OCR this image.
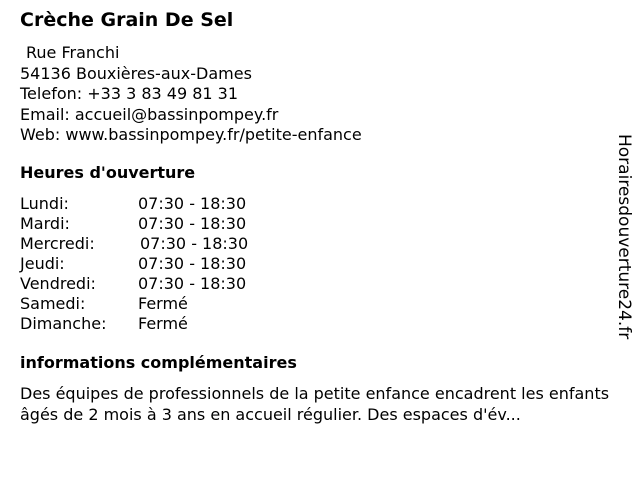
Crèche Grain De Sel
Rue Franchi
54136 Bouxières-aux-Dames
Telefon: +33 3 83 49 81 31
Email: accueil@bassinpompey.fr
Web: www.bassinpompey.fr/petite-enfance
Heures d'ouverture
Lundi:	07:30 - 18:30
Mardi:	07:30 - 18:30
Mercredi:	07:30 - 18:30
Jeudi:	07:30 - 18:30
Vendredi:	07:30 - 18:30
Samedi:	Fermé
Dimanche: Fermé
informations complémentaires

Des équipes de professionnels de la petite enfance encadrent les enfants âgés de 2 mois à 3 ans en accueil régulier. Des espaces d'év...

Horairesdouverture24.fr
